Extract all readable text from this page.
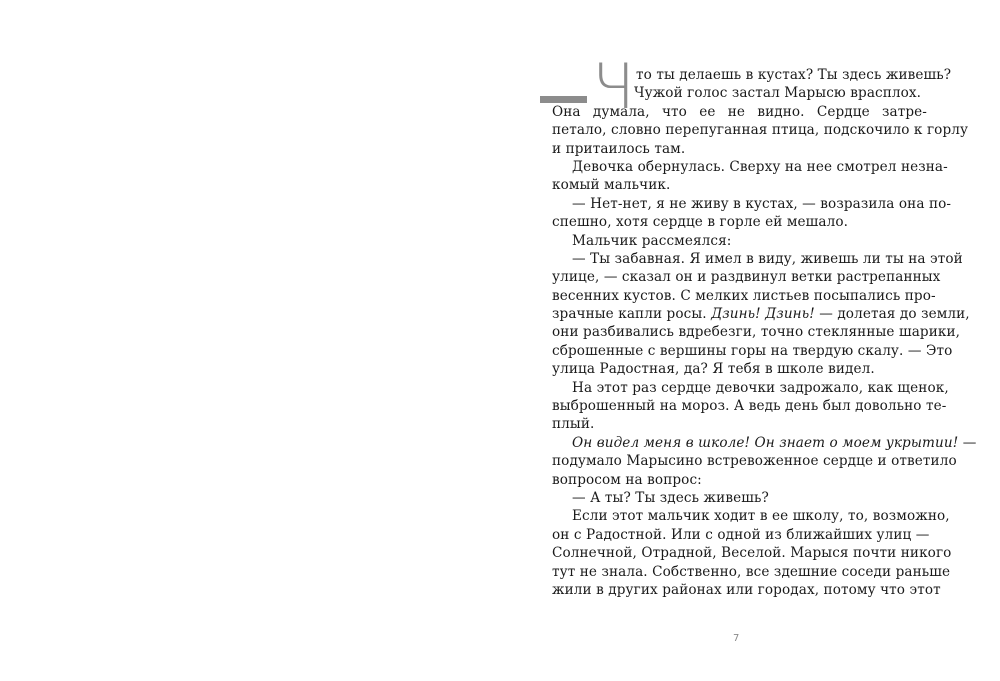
Ч то ты делаешь в кустах? Ты здесь живешь?
Чужой голос застал Марысю врасплох.
Она думала, что ее не видно. Сердце затре-
петало, словно перепуганная птица, подскочило к горлу
и притаилось там.
Девочка обернулась. Сверху на нее смотрел незна-
комый мальчик.
— Нет-нет, я не живу в кустах, — возразила она по-
спешно, хотя сердце в горле ей мешало.
Мальчик рассмеялся:
— Ты забавная. Я имел в виду, живешь ли ты на этой
улице, — сказал он и раздвинул ветки растрепанных
весенних кустов. С мелких листьев посыпались про-
зрачные капли росы. Дзинь! Дзинь! — долетая до земли,
они разбивались вдребезги, точно стеклянные шарики,
сброшенные с вершины горы на твердую скалу. — Это
улица Радостная, да? Я тебя в школе видел.
На этот раз сердце девочки задрожало, как щенок,
выброшенный на мороз. А ведь день был довольно те-
плый.
Он видел меня в школе! Он знает о моем укрытии! —
подумало Марысино встревоженное сердце и ответило
вопросом на вопрос:
— А ты? Ты здесь живешь?
Если этот мальчик ходит в ее школу, то, возможно,
он с Радостной. Или с одной из ближайших улиц —
Солнечной, Отрадной, Веселой. Марыся почти никого
тут не знала. Собственно, все здешние соседи раньше
жили в других районах или городах, потому что этот
7
